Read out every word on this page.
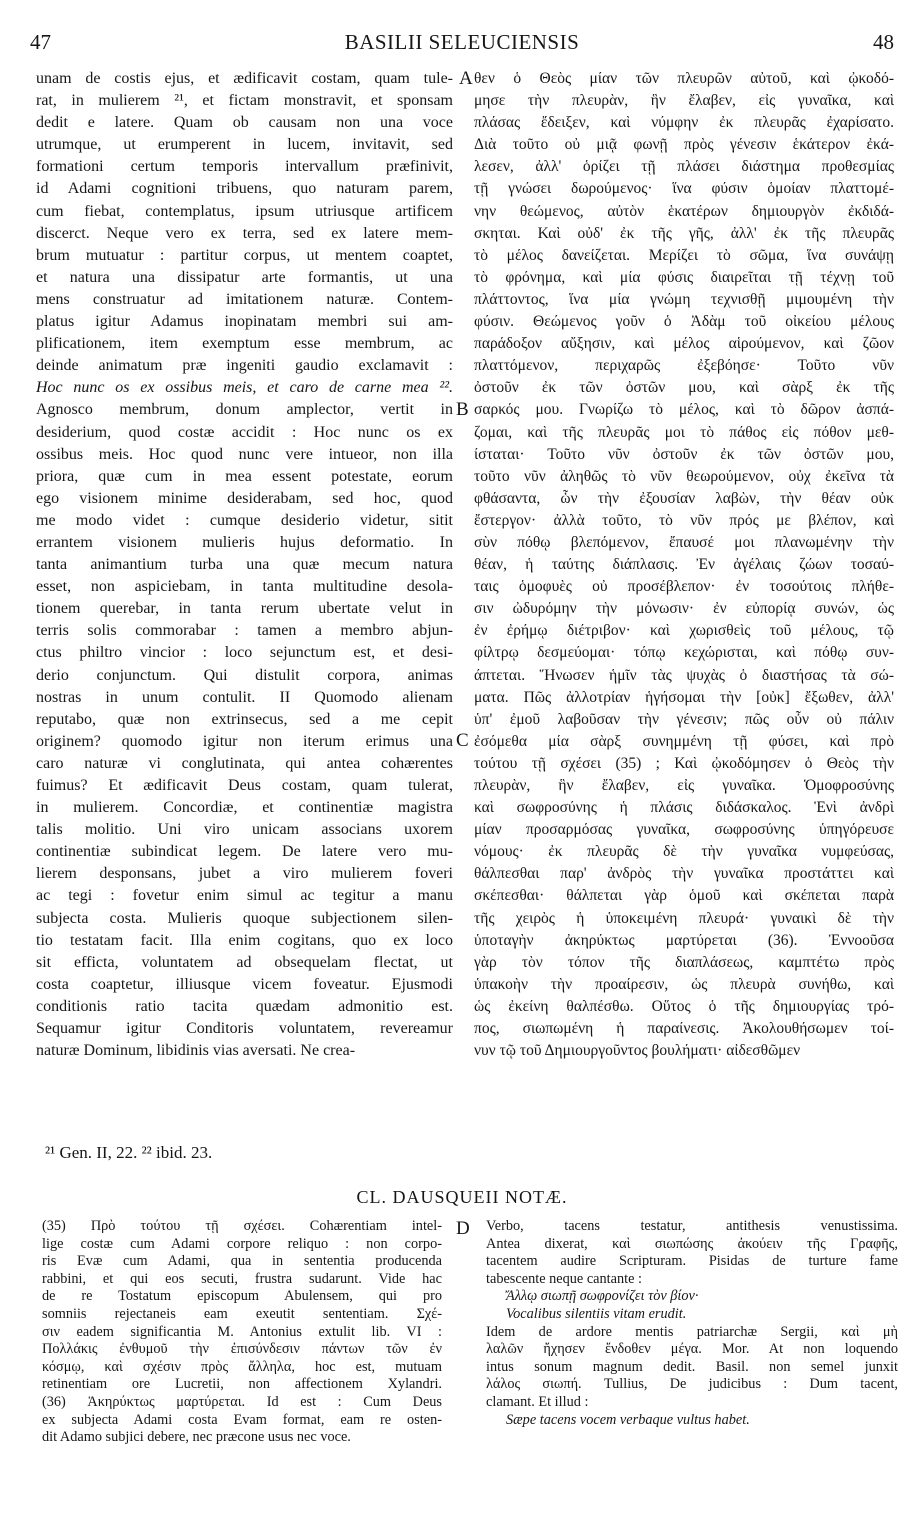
47	BASILII SELEUCIENSIS	48
unam de costis ejus, et ædificavit costam, quam tule-
rat, in mulierem ²¹, et fictam monstravit, et sponsam
dedit e latere. Quam ob causam non una voce
utrumque, ut erumperent in lucem, invitavit, sed
formationi certum temporis intervallum præfinivit,
id Adami cognitioni tribuens, quo naturam parem,
cum fiebat, contemplatus, ipsum utriusque artificem
discerct. Neque vero ex terra, sed ex latere mem-
brum mutuatur : partitur corpus, ut mentem coaptet,
et natura una dissipatur arte formantis, ut una
mens construatur ad imitationem naturæ. Contem-
platus igitur Adamus inopinatam membri sui am-
plificationem, item exemptum esse membrum, ac
deinde animatum præ ingeniti gaudio exclamavit :
Hoc nunc os ex ossibus meis, et caro de carne mea ²².
Agnosco membrum, donum amplector, vertit in
desiderium, quod costæ accidit : Hoc nunc os ex
ossibus meis. Hoc quod nunc vere intueor, non illa
priora, quæ cum in mea essent potestate, eorum
ego visionem minime desiderabam, sed hoc, quod
me modo videt : cumque desiderio videtur, sitit
errantem visionem mulieris hujus deformatio. In
tanta animantium turba una quæ mecum natura
esset, non aspiciebam, in tanta multitudine desola-
tionem querebar, in tanta rerum ubertate velut in
terris solis commorabar : tamen a membro abjun-
ctus philtro vincior : loco sejunctum est, et desi-
derio conjunctum. Qui distulit corpora, animas
nostras in unum contulit. II Quomodo alienam
reputabo, quæ non extrinsecus, sed a me cepit
originem? quomodo igitur non iterum erimus una
caro naturæ vi conglutinata, qui antea cohærentes
fuimus? Et ædificavit Deus costam, quam tulerat,
in mulierem. Concordiæ, et continentiæ magistra
talis molitio. Uni viro unicam associans uxorem
continentiæ subindicat legem. De latere vero mu-
lierem desponsans, jubet a viro mulierem foveri
ac tegi : fovetur enim simul ac tegitur a manu
subjecta costa. Mulieris quoque subjectionem silen-
tio testatam facit. Illa enim cogitans, quo ex loco
sit efficta, voluntatem ad obsequelam flectat, ut
costa coaptetur, illiusque vicem foveatur. Ejusmodi
conditionis ratio tacita quædam admonitio est.
Sequamur igitur Conditoris voluntatem, revereamur
naturæ Dominum, libidinis vias aversati. Ne crea-
θεν ὁ Θεὸς μίαν τῶν πλευρῶν αὐτοῦ, καὶ ᾠκοδό-
μησε τὴν πλευρὰν, ἣν ἔλαβεν, εἰς γυναῖκα, καὶ
πλάσας ἔδειξεν, καὶ νύμφην ἐκ πλευρᾶς ἐχαρίσατο.
Διὰ τοῦτο οὐ μιᾷ φωνῇ πρὸς γένεσιν ἑκάτερον ἐκά-
λεσεν, ἀλλ' ὁρίζει τῇ πλάσει διάστημα προθεσμίας
τῇ γνώσει δωρούμενος· ἵνα φύσιν ὁμοίαν πλαττομέ-
νην θεώμενος, αὐτὸν ἑκατέρων δημιουργὸν ἐκδιδά-
σκηται. Καὶ οὐδ' ἐκ τῆς γῆς, ἀλλ' ἐκ τῆς πλευρᾶς
τὸ μέλος δανείζεται. Μερίζει τὸ σῶμα, ἵνα συνάψῃ
τὸ φρόνημα, καὶ μία φύσις διαιρεῖται τῇ τέχνῃ τοῦ
πλάττοντος, ἵνα μία γνώμη τεχνισθῇ μιμουμένη τὴν
φύσιν. Θεώμενος γοῦν ὁ Ἀδὰμ τοῦ οἰκείου μέλους
παράδοξον αὔξησιν, καὶ μέλος αἱρούμενον, καὶ ζῶον
πλαττόμενον, περιχαρῶς ἐξεβόησε· Τοῦτο νῦν
ὀστοῦν ἐκ τῶν ὀστῶν μου, καὶ σὰρξ ἐκ τῆς
σαρκός μου. Γνωρίζω τὸ μέλος, καὶ τὸ δῶρον ἀσπά-
ζομαι, καὶ τῆς πλευρᾶς μοι τὸ πάθος εἰς πόθον μεθ-
ίσταται· Τοῦτο νῦν ὀστοῦν ἐκ τῶν ὀστῶν μου,
τοῦτο νῦν ἀληθῶς τὸ νῦν θεωρούμενον, οὐχ ἐκεῖνα τὰ
φθάσαντα, ὧν τὴν ἐξουσίαν λαβὼν, τὴν θέαν οὐκ
ἔστεργον· ἀλλὰ τοῦτο, τὸ νῦν πρός με βλέπον, καὶ
σὺν πόθῳ βλεπόμενον, ἔπαυσέ μοι πλανωμένην τὴν
θέαν, ἡ ταύτης διάπλασις. Ἐν ἀγέλαις ζώων τοσαύ-
ταις ὁμοφυὲς οὐ προσέβλεπον· ἐν τοσούτοις πλήθε-
σιν ὠδυρόμην τὴν μόνωσιν· ἐν εὐπορίᾳ συνών, ὡς
ἐν ἐρήμῳ διέτριβον· καὶ χωρισθεὶς τοῦ μέλους, τῷ
φίλτρῳ δεσμεύομαι· τόπῳ κεχώρισται, καὶ πόθῳ συν-
άπτεται. Ἥνωσεν ἡμῖν τὰς ψυχὰς ὁ διαστήσας τὰ σώ-
ματα. Πῶς ἀλλοτρίαν ἡγήσομαι τὴν [οὐκ] ἔξωθεν, ἀλλ'
ὑπ' ἐμοῦ λαβοῦσαν τὴν γένεσιν; πῶς οὖν οὐ πάλιν
ἐσόμεθα μία σὰρξ συνημμένη τῇ φύσει, καὶ πρὸ
τούτου τῇ σχέσει (35) ; Καὶ ᾠκοδόμησεν ὁ Θεὸς τὴν
πλευρὰν, ἣν ἔλαβεν, εἰς γυναῖκα. Ὁμοφροσύνης
καὶ σωφροσύνης ἡ πλάσις διδάσκαλος. Ἑνὶ ἀνδρὶ
μίαν προσαρμόσας γυναῖκα, σωφροσύνης ὑπηγόρευσε
νόμους· ἐκ πλευρᾶς δὲ τὴν γυναῖκα νυμφεύσας,
θάλπεσθαι παρ' ἀνδρὸς τὴν γυναῖκα προστάττει καὶ
σκέπεσθαι· θάλπεται γὰρ ὁμοῦ καὶ σκέπεται παρὰ
τῆς χειρὸς ἡ ὑποκειμένη πλευρά· γυναικὶ δὲ τὴν
ὑποταγὴν ἀκηρύκτως μαρτύρεται (36). Ἐννοοῦσα
γὰρ τὸν τόπον τῆς διαπλάσεως, καμπτέτω πρὸς
ὑπακοὴν τὴν προαίρεσιν, ὡς πλευρὰ συνήθω, καὶ
ὡς ἐκείνη θαλπέσθω. Οὕτος ὁ τῆς δημιουργίας τρό-
πος, σιωπωμένη ἡ παραίνεσις. Ἀκολουθήσωμεν τοί-
νυν τῷ τοῦ Δημιουργοῦντος βουλήματι· αἰδεσθῶμεν
A
B
C
D
²¹ Gen. II, 22. ²² ibid. 23.
CL. DAUSQUEII NOTÆ.
(35) Πρὸ τούτου τῇ σχέσει. Cohærentiam intel-
lige costæ cum Adami corpore reliquo : non corpo-
ris Evæ cum Adami, qua in sententia producenda
rabbini, et qui eos secuti, frustra sudarunt. Vide hac
de re Tostatum episcopum Abulensem, qui pro
somniis rejectaneis eam exeutit sententiam. Σχέ-
σιν eadem significantia M. Antonius extulit lib. VI :
Πολλάκις ἐνθυμοῦ τὴν ἐπισύνδεσιν πάντων τῶν ἐν
κόσμῳ, καὶ σχέσιν πρὸς ἄλληλα, hoc est, mutuam
retinentiam ore Lucretii, non affectionem Xylandri.
(36) Ἀκηρύκτως μαρτύρεται. Id est : Cum Deus
ex subjecta Adami costa Evam format, eam re osten-
dit Adamo subjici debere, nec præcone usus nec voce.
Verbo, tacens testatur, antithesis venustissima.
Antea dixerat, καὶ σιωπώσης ἀκούειν τῆς Γραφῆς,
tacentem audire Scripturam. Pisidas de turture fame
tabescente neque cantante :
Ἄλλῳ σιωπῇ σωφρονίζει τὸν βίον·
Vocalibus silentiis vitam erudit.
Idem de ardore mentis patriarchæ Sergii, καὶ μὴ
λαλῶν ἤχησεν ἔνδοθεν μέγα. Mor. At non loquendo
intus sonum magnum dedit. Basil. non semel junxit
λάλος σιωπή. Tullius, De judicibus : Dum tacent,
clamant. Et illud :
Sæpe tacens vocem verbaque vultus habet.
